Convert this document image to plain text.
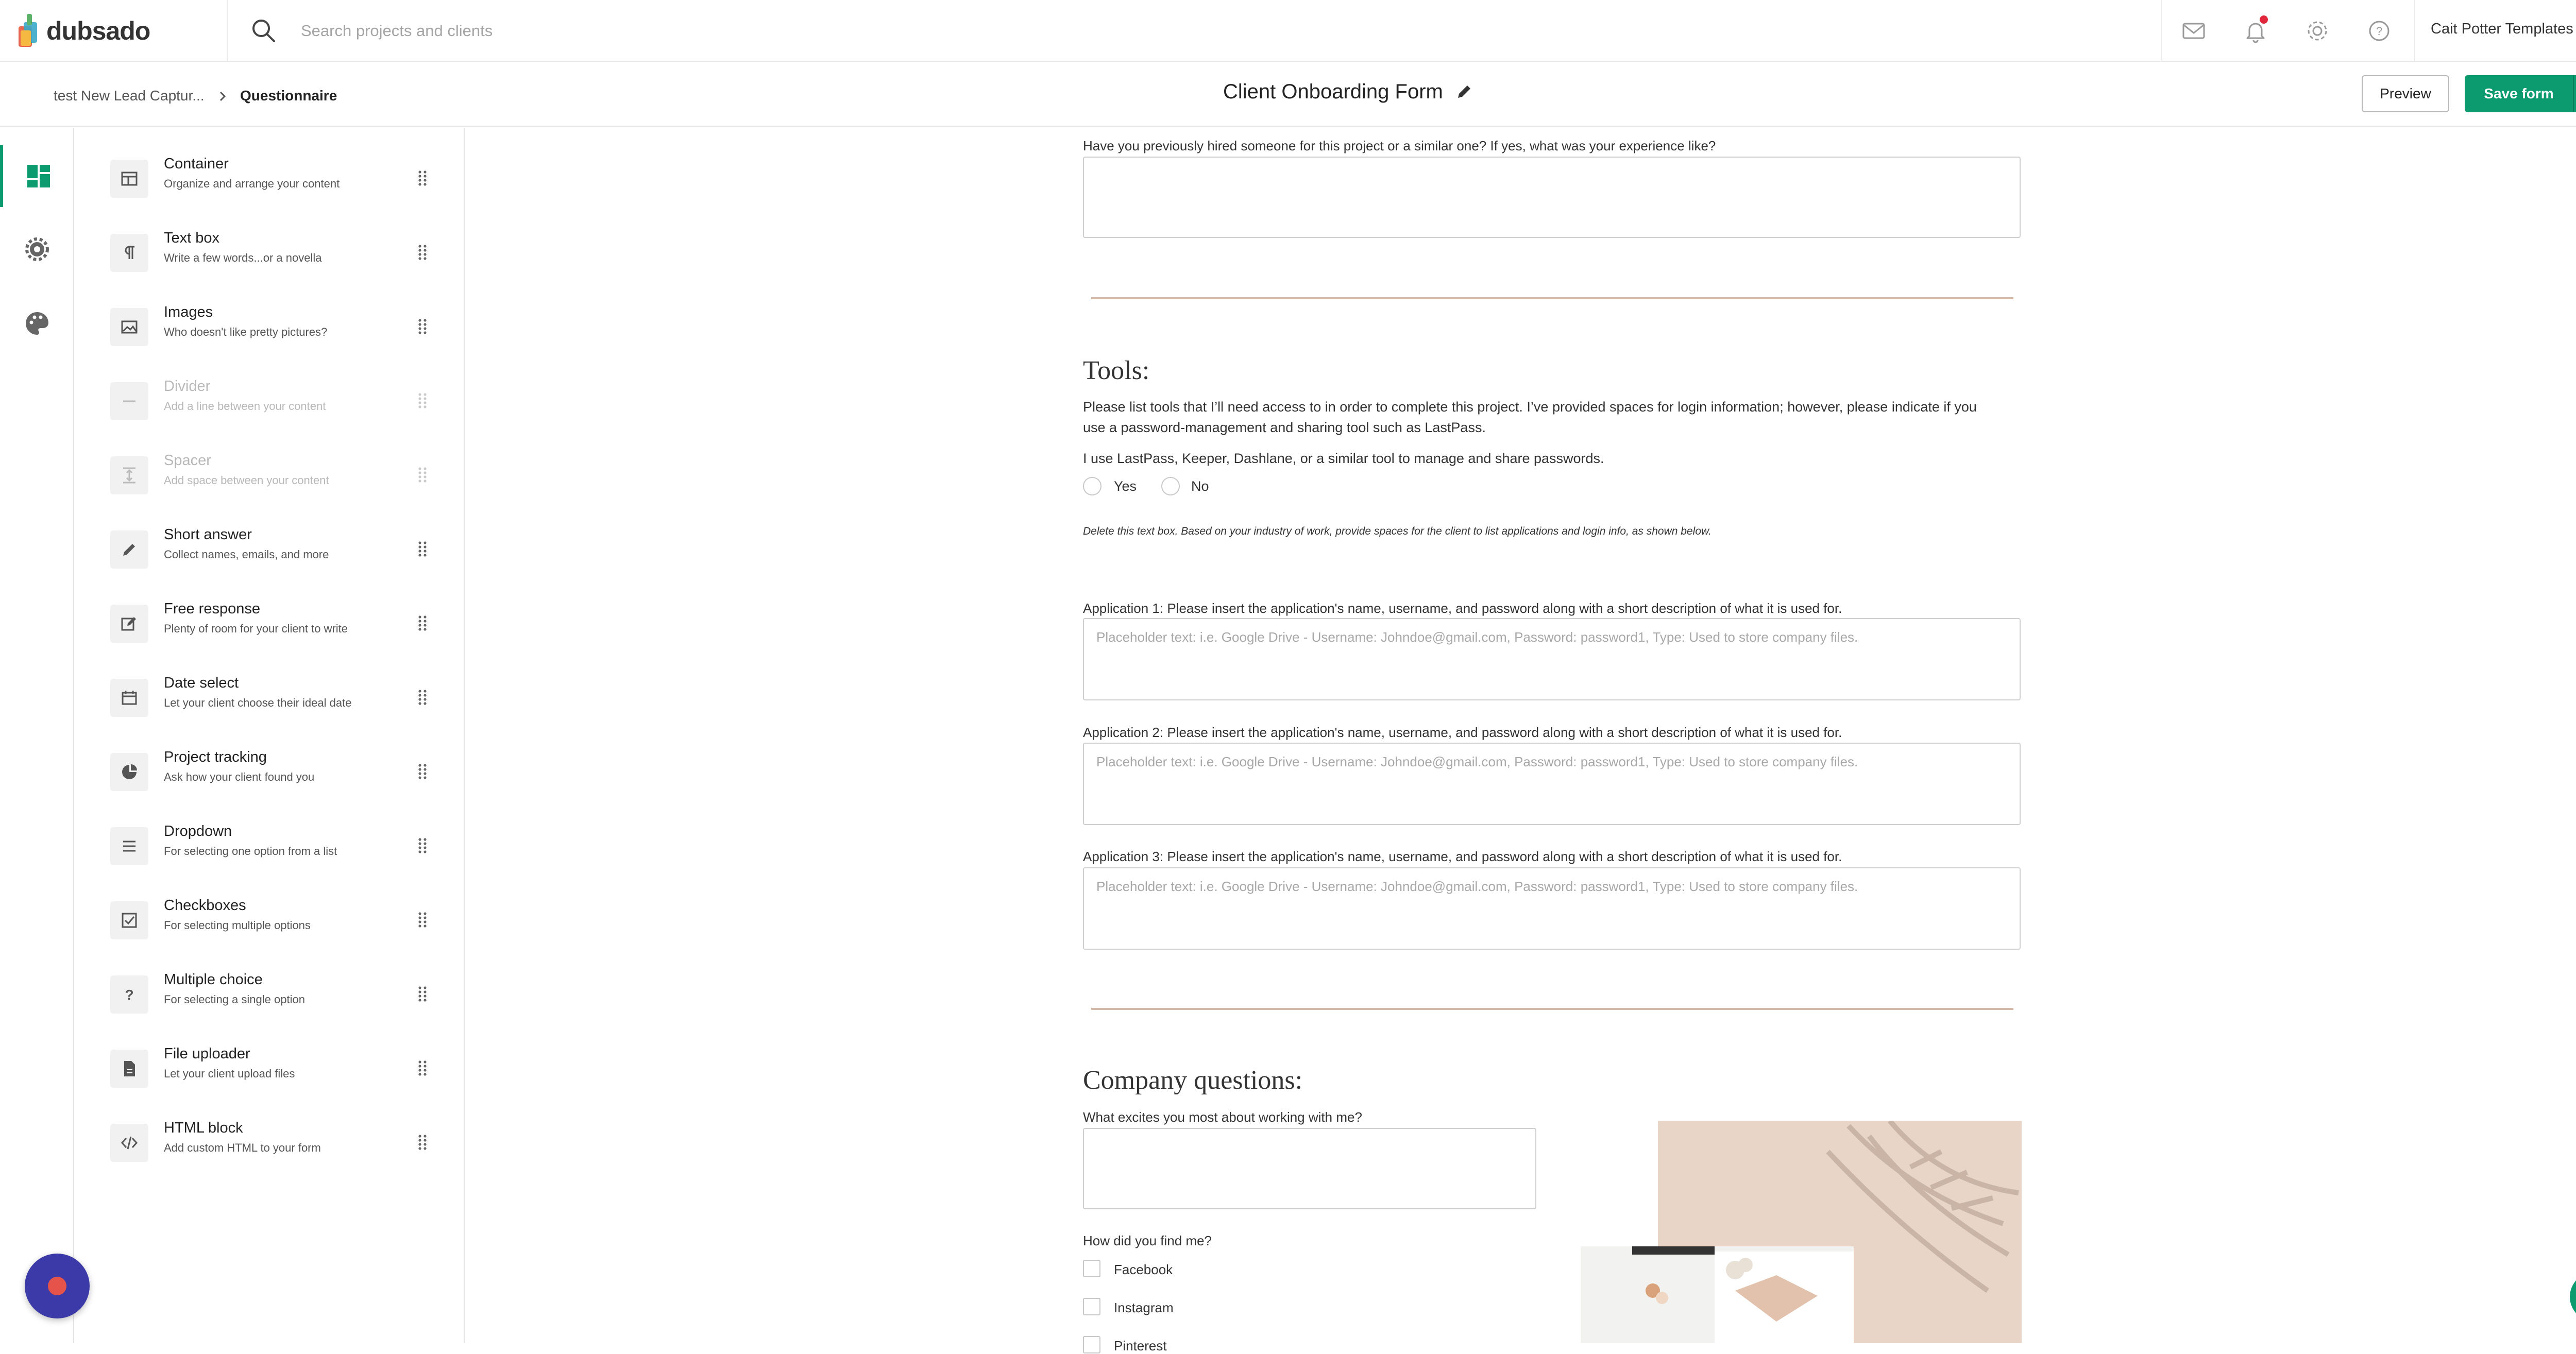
dubsado
Search projects and clients	?	Cait Potter Templates
test New Lead Captur... Questionnaire	Client Onboarding Form	Preview	Save form
Container
Organize and arrange your content
Text box
Write a few words...or a novella
Images
Who doesn't like pretty pictures?
Divider
Add a line between your content
Spacer
Add space between your content
Short answer
Collect names, emails, and more
Free response
Plenty of room for your client to write
Date select
Let your client choose their ideal date
Project tracking
Ask how your client found you
Dropdown
For selecting one option from a list
Checkboxes
For selecting multiple options
?
Multiple choice
For selecting a single option
File uploader
Let your client upload files
HTML block
Add custom HTML to your form
Have you previously hired someone for this project or a similar one? If yes, what was your experience like?
Tools:
Please list tools that I’ll need access to in order to complete this project. I’ve provided spaces for login information; however, please indicate if you
use a password-management and sharing tool such as LastPass.
I use LastPass, Keeper, Dashlane, or a similar tool to manage and share passwords.
Yes	No
Delete this text box. Based on your industry of work, provide spaces for the client to list applications and login info, as shown below.
Application 1: Please insert the application's name, username, and password along with a short description of what it is used for.
Placeholder text: i.e. Google Drive - Username: Johndoe@gmail.com, Password: password1, Type: Used to store company files.
Application 2: Please insert the application's name, username, and password along with a short description of what it is used for.
Placeholder text: i.e. Google Drive - Username: Johndoe@gmail.com, Password: password1, Type: Used to store company files.
Application 3: Please insert the application's name, username, and password along with a short description of what it is used for.
Placeholder text: i.e. Google Drive - Username: Johndoe@gmail.com, Password: password1, Type: Used to store company files.
Company questions:
What excites you most about working with me?
How did you find me?
Facebook
Instagram
Pinterest
